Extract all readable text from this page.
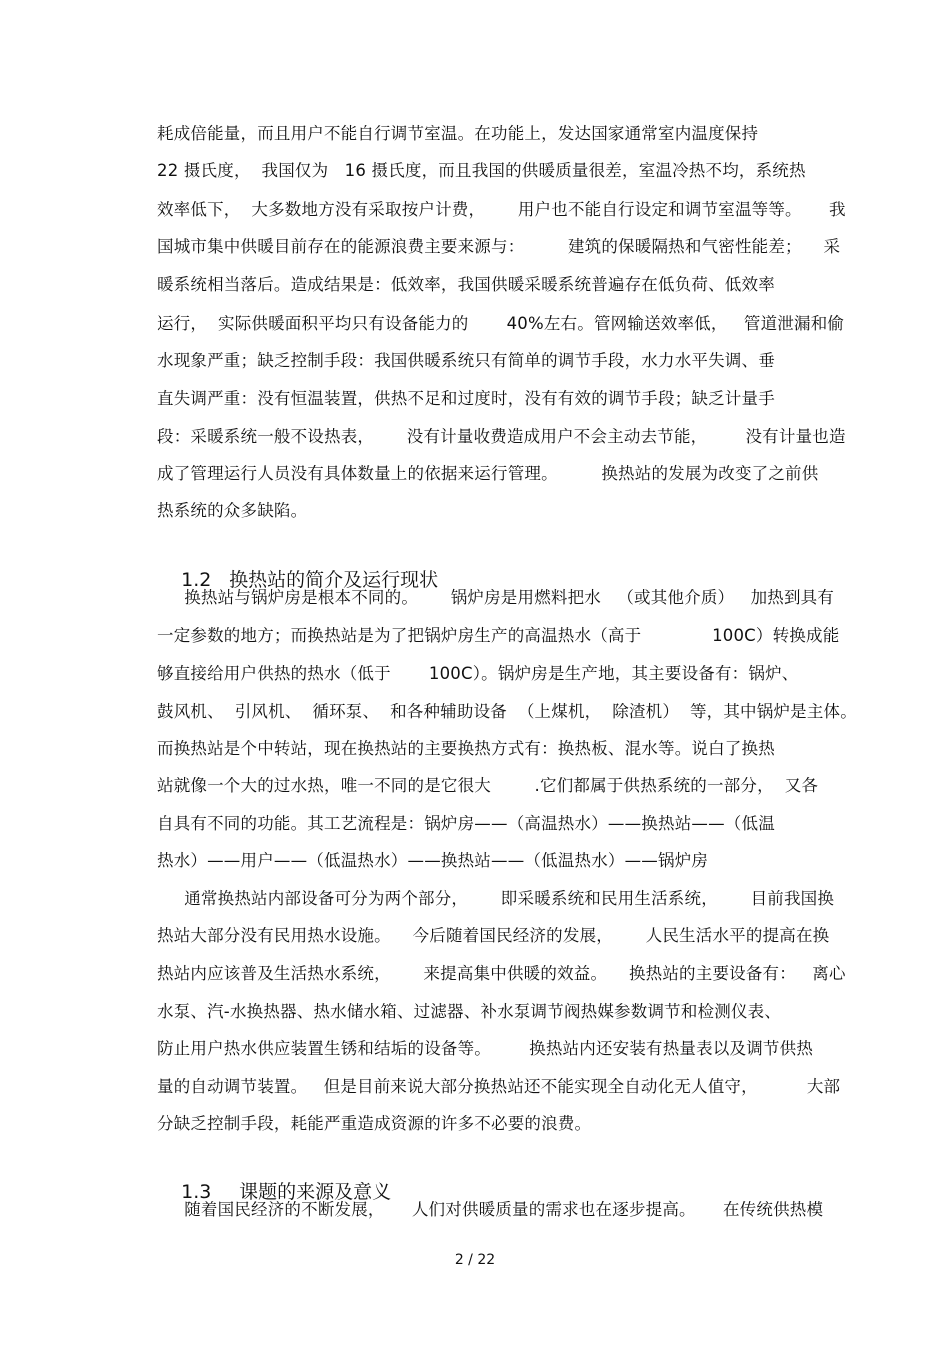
耗成倍能量，而且用户不能自行调节室温。在功能上，发达国家通常室内温度保持
22 摄氏度，  我国仅为   16 摄氏度，而且我国的供暖质量很差，室温冷热不均，系统热
效率低下，  大多数地方没有采取按户计费，      用户也不能自行设定和调节室温等等。     我
国城市集中供暖目前存在的能源浪费主要来源与：        建筑的保暖隔热和气密性能差；    采
暖系统相当落后。造成结果是：低效率，我国供暖采暖系统普遍存在低负荷、低效率
运行，  实际供暖面积平均只有设备能力的       40%左右。管网输送效率低，   管道泄漏和偷
水现象严重；缺乏控制手段：我国供暖系统只有简单的调节手段，水力水平失调、垂
直失调严重：没有恒温装置，供热不足和过度时，没有有效的调节手段；缺乏计量手
段：采暖系统一般不设热表，      没有计量收费造成用户不会主动去节能，       没有计量也造
成了管理运行人员没有具体数量上的依据来运行管理。        换热站的发展为改变了之前供
热系统的众多缺陷。

1.2 换热站的简介及运行现状

换热站与锅炉房是根本不同的。      锅炉房是用燃料把水   （或其他介质）   加热到具有
一定参数的地方；而换热站是为了把锅炉房生产的高温热水（高于             100C）转换成能
够直接给用户供热的热水（低于       100C）。锅炉房是生产地，其主要设备有：锅炉、
鼓风机、  引风机、  循环泵、  和各种辅助设备  （上煤机，  除渣机）  等，其中锅炉是主体。
而换热站是个中转站，现在换热站的主要换热方式有：换热板、混水等。说白了换热
站就像一个大的过水热，唯一不同的是它很大        .它们都属于供热系统的一部分，  又各
自具有不同的功能。其工艺流程是：锅炉房——（高温热水）——换热站——（低温
热水）——用户——（低温热水）——换热站——（低温热水）——锅炉房
通常换热站内部设备可分为两个部分，      即采暖系统和民用生活系统，      目前我国换
热站大部分没有民用热水设施。    今后随着国民经济的发展，      人民生活水平的提高在换
热站内应该普及生活热水系统，      来提高集中供暖的效益。    换热站的主要设备有：   离心
水泵、汽-水换热器、热水储水箱、过滤器、补水泵调节阀热媒参数调节和检测仪表、
防止用户热水供应装置生锈和结垢的设备等。       换热站内还安装有热量表以及调节供热
量的自动调节装置。   但是目前来说大部分换热站还不能实现全自动化无人值守，         大部
分缺乏控制手段，耗能严重造成资源的许多不必要的浪费。

1.3 课题的来源及意义

随着国民经济的不断发展，     人们对供暖质量的需求也在逐步提高。     在传统供热模
2 / 22
